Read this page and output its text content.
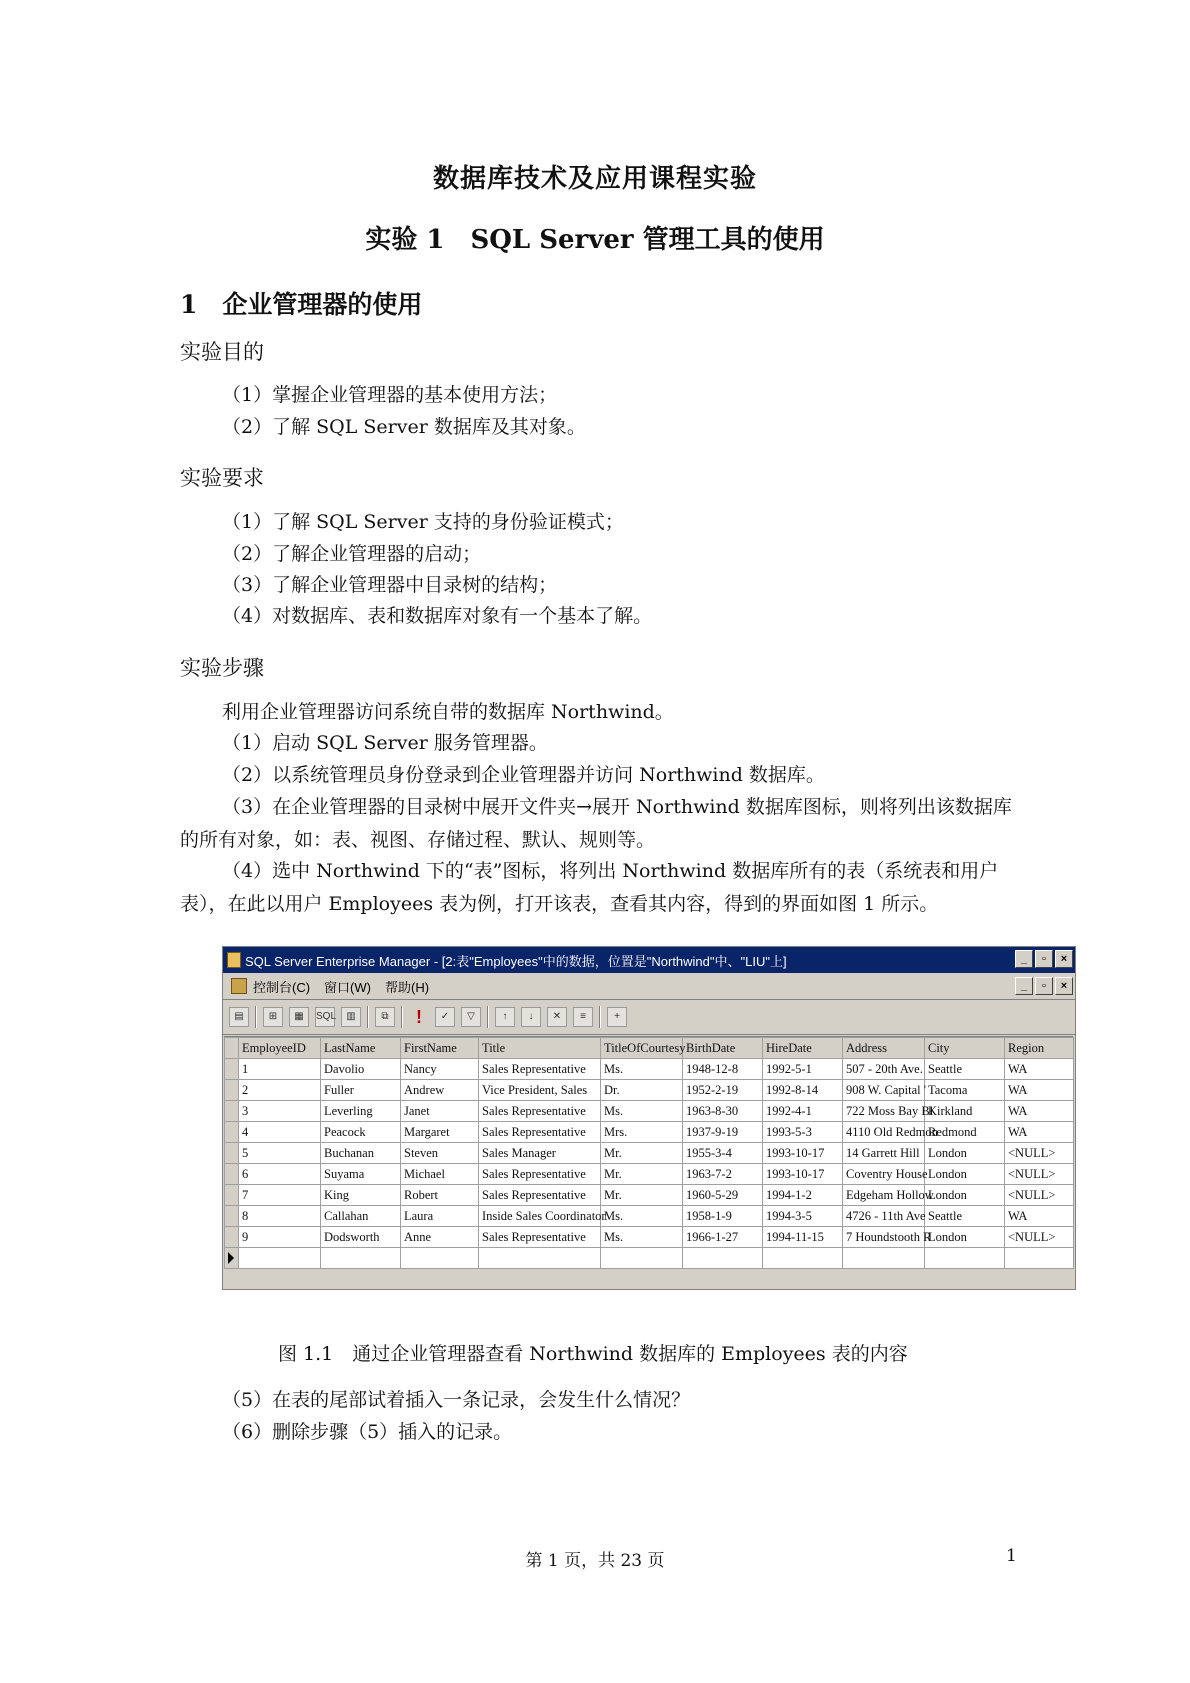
数据库技术及应用课程实验
实验 1　SQL Server 管理工具的使用
1　企业管理器的使用
实验目的
（1）掌握企业管理器的基本使用方法；
（2）了解 SQL Server 数据库及其对象。
实验要求
（1）了解 SQL Server 支持的身份验证模式；
（2）了解企业管理器的启动；
（3）了解企业管理器中目录树的结构；
（4）对数据库、表和数据库对象有一个基本了解。
实验步骤
利用企业管理器访问系统自带的数据库 Northwind。
（1）启动 SQL Server 服务管理器。
（2）以系统管理员身份登录到企业管理器并访问 Northwind 数据库。
（3）在企业管理器的目录树中展开文件夹→展开 Northwind 数据库图标，则将列出该数据库的所有对象，如：表、视图、存储过程、默认、规则等。
（4）选中 Northwind 下的“表”图标，将列出 Northwind 数据库所有的表（系统表和用户表），在此以用户 Employees 表为例，打开该表，查看其内容，得到的界面如图 1 所示。
SQL Server Enterprise Manager - [2:表"Employees"中的数据，位置是"Northwind"中、"LIU"上]	_	▫	×
控制台(C) 窗口(W) 帮助(H)	_	▫	×
▤	⊞	▦	SQL	▥	⧉	!	✓	▽	↑	↓	✕	≡	+
	EmployeeID	LastName	FirstName	Title	TitleOfCourtesy	BirthDate	HireDate	Address	City	Region
	1	Davolio	Nancy	Sales Representative	Ms.	1948-12-8	1992-5-1	507 - 20th Ave.	Seattle	WA
	2	Fuller	Andrew	Vice President, Sales	Dr.	1952-2-19	1992-8-14	908 W. Capital '	Tacoma	WA
	3	Leverling	Janet	Sales Representative	Ms.	1963-8-30	1992-4-1	722 Moss Bay Bl	Kirkland	WA
	4	Peacock	Margaret	Sales Representative	Mrs.	1937-9-19	1993-5-3	4110 Old Redmon	Redmond	WA
	5	Buchanan	Steven	Sales Manager	Mr.	1955-3-4	1993-10-17	14 Garrett Hill	London	<NULL>
	6	Suyama	Michael	Sales Representative	Mr.	1963-7-2	1993-10-17	Coventry House	London	<NULL>
	7	King	Robert	Sales Representative	Mr.	1960-5-29	1994-1-2	Edgeham Hollow	London	<NULL>
	8	Callahan	Laura	Inside Sales Coordinator	Ms.	1958-1-9	1994-3-5	4726 - 11th Ave	Seattle	WA
	9	Dodsworth	Anne	Sales Representative	Ms.	1966-1-27	1994-11-15	7 Houndstooth R	London	<NULL>

图 1.1　通过企业管理器查看 Northwind 数据库的 Employees 表的内容
（5）在表的尾部试着插入一条记录，会发生什么情况？
（6）删除步骤（5）插入的记录。
第 1 页，共 23 页	1
